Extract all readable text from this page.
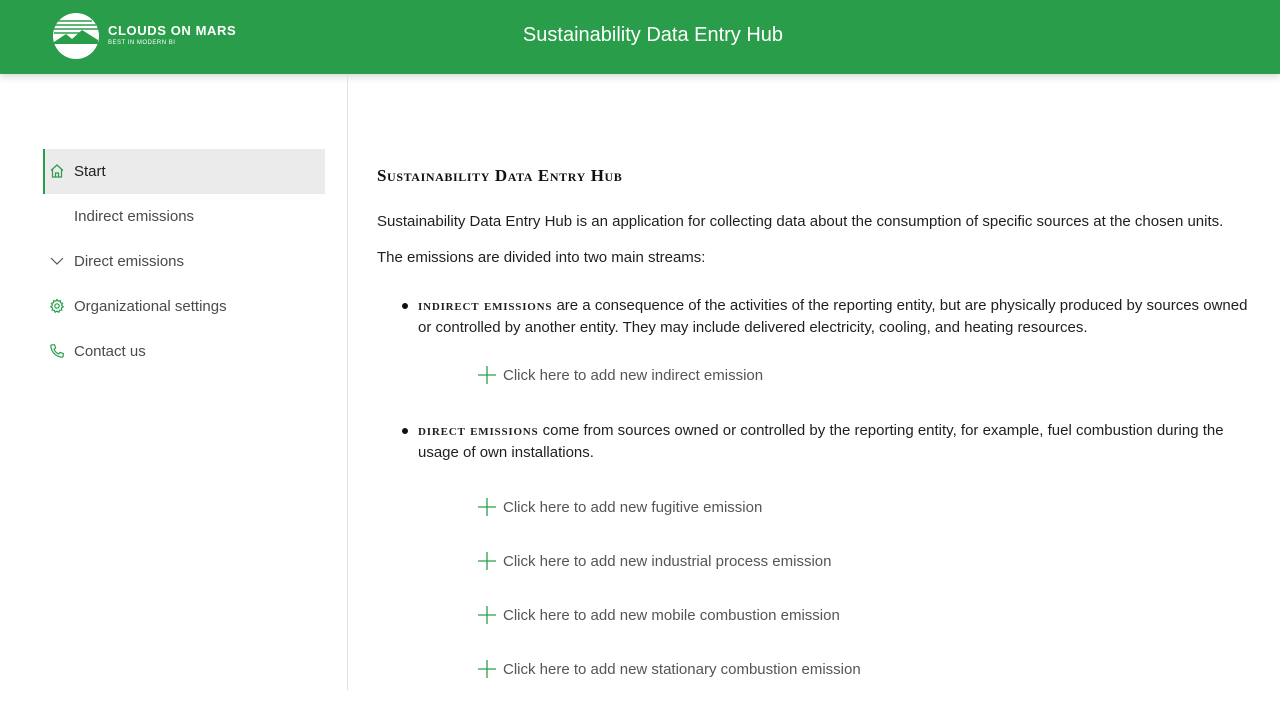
CLOUDS ON MARS
BEST IN MODERN BI	Sustainability Data Entry Hub
Start
Indirect emissions
Direct emissions
Organizational settings
Contact us
Sustainability Data Entry Hub
Sustainability Data Entry Hub is an application for collecting data about the consumption of specific sources at the chosen units.
The emissions are divided into two main streams:
indirect emissions are a consequence of the activities of the reporting entity, but are physically produced by sources owned or controlled by another entity. They may include delivered electricity, cooling, and heating resources.
Click here to add new indirect emission
direct emissions come from sources owned or controlled by the reporting entity, for example, fuel combustion during the usage of own installations.
Click here to add new fugitive emission
Click here to add new industrial process emission
Click here to add new mobile combustion emission
Click here to add new stationary combustion emission
